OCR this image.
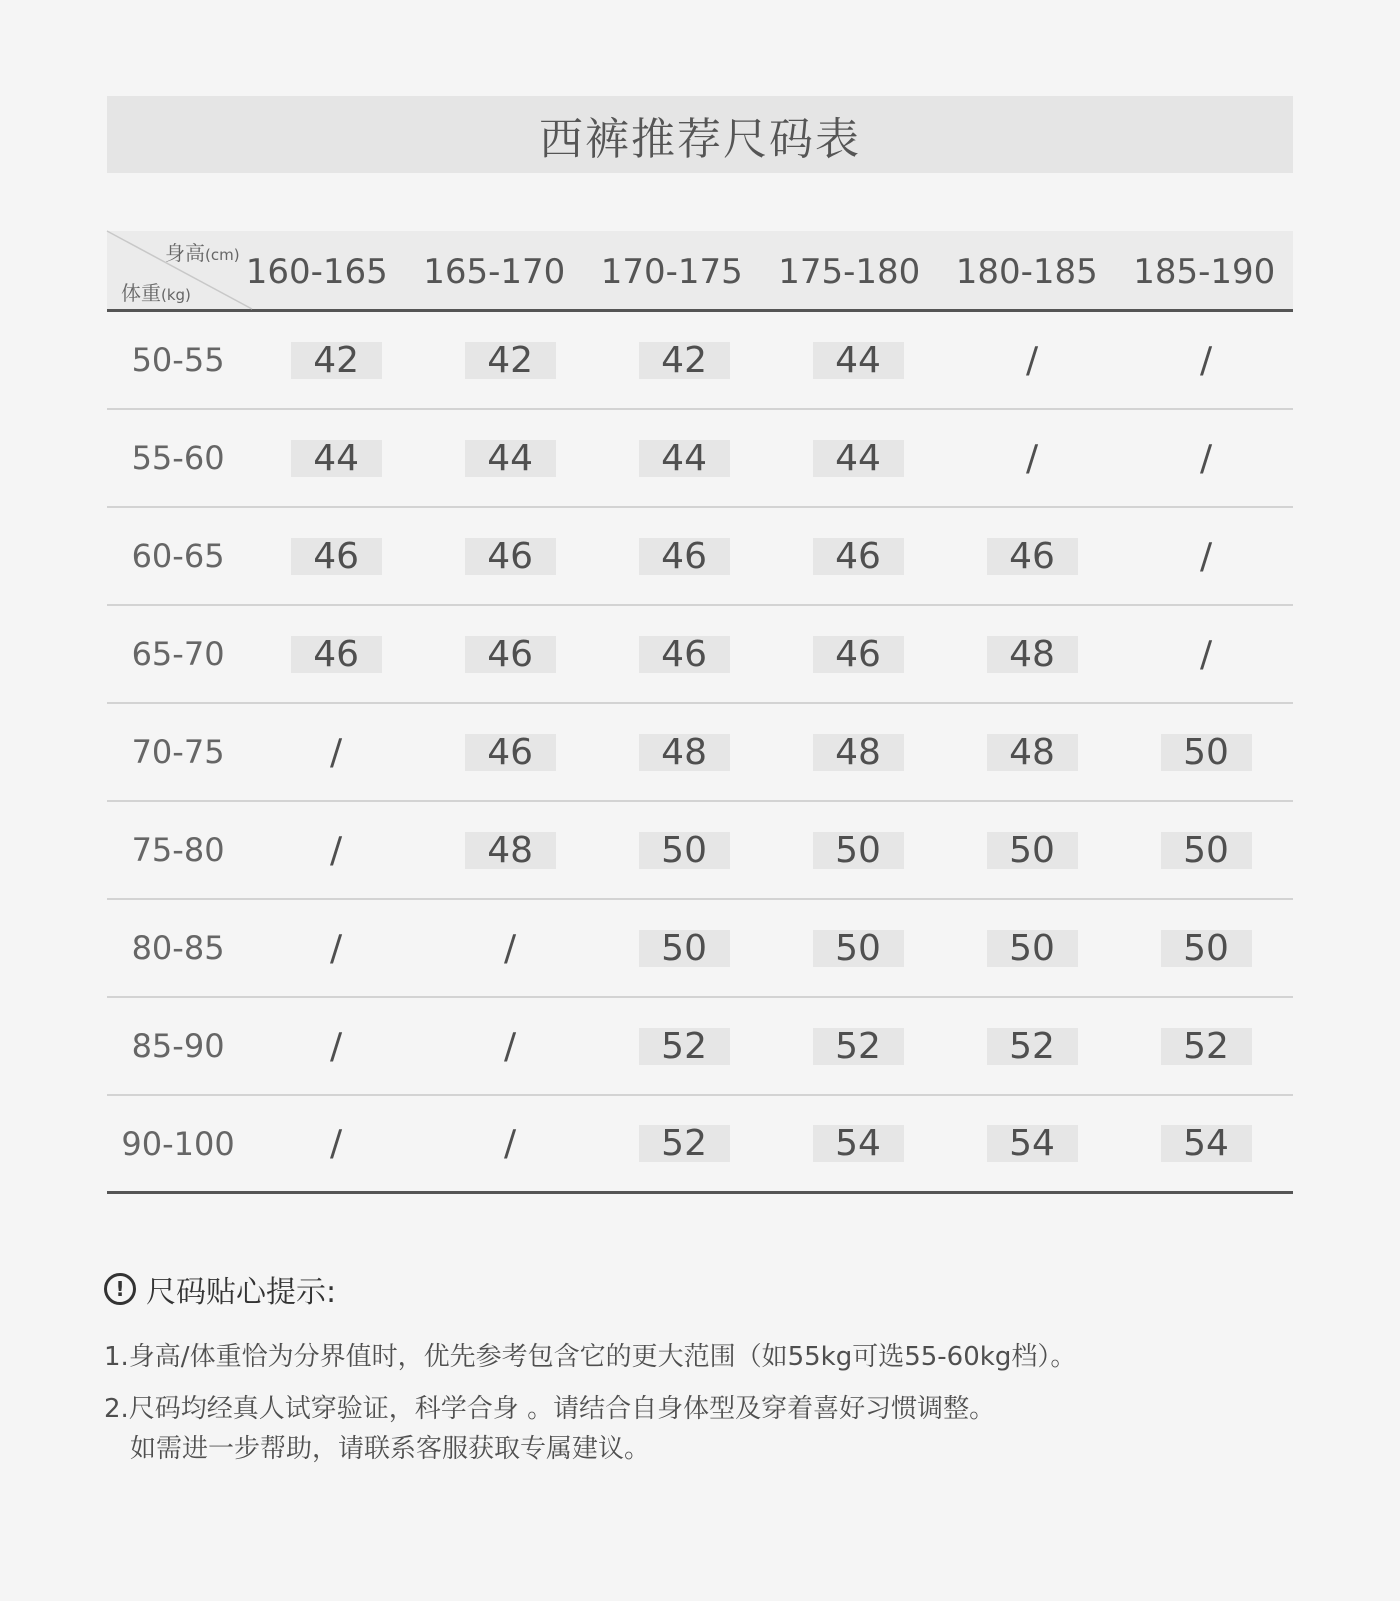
西裤推荐尺码表
身高(cm)
体重(kg)
160-165	165-170	170-175	175-180	180-185	185-190
50-55	42	42	42	44	/	/
55-60	44	44	44	44	/	/
60-65	46	46	46	46	46	/
65-70	46	46	46	46	48	/
70-75	/	46	48	48	48	50
75-80	/	48	50	50	50	50
80-85	/	/	50	50	50	50
85-90	/	/	52	52	52	52
90-100	/	/	52	54	54	54
! 尺码贴心提示:
1.身高/体重恰为分界值时，优先参考包含它的更大范围（如55kg可选55-60kg档）。
2.尺码均经真人试穿验证，科学合身 。请结合自身体型及穿着喜好习惯调整。
如需进一步帮助，请联系客服获取专属建议。
